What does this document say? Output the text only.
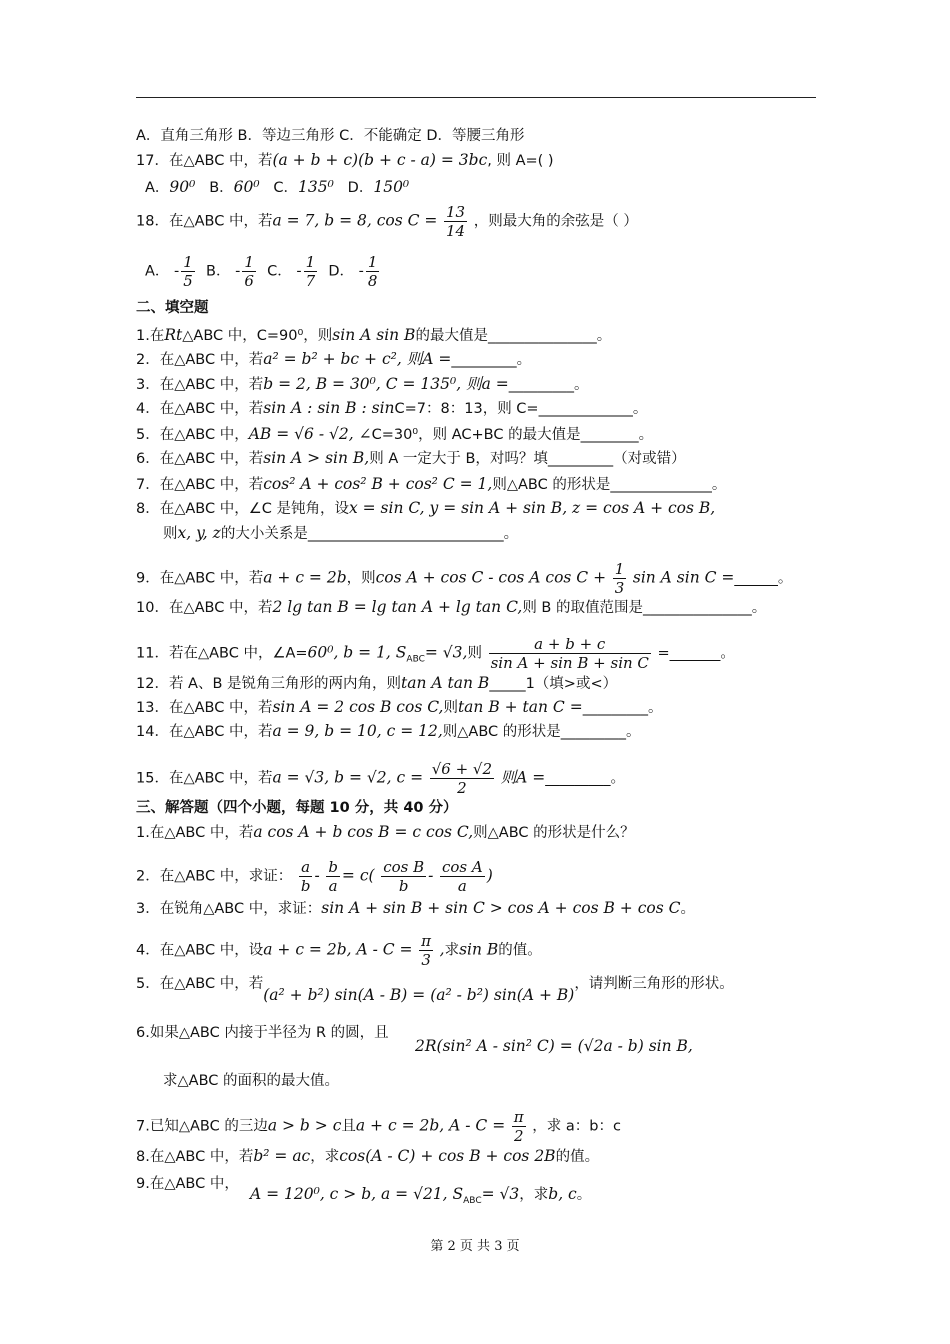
A．直角三角形 B．等边三角形 C．不能确定 D．等腰三角形
17．在△ABC 中，若(a + b + c)(b + c - a) = 3bc, 则 A=( )
A．90⁰ B．60⁰ C．135⁰ D．150⁰
18．在△ABC 中，若a = 7, b = 8, $\cos C = \frac{13}{14}$ ，则最大角的余弦是（ ）
A． - $\frac{1}{5}$ B． - $\frac{1}{6}$ C． - $\frac{1}{7}$ D． - $\frac{1}{8}$
二、填空题
1.在Rt△ABC 中，C=90⁰，则sin A sin B的最大值是_______________。
2．在△ABC 中，若a² = b² + bc + c², 则A =_________。
3．在△ABC 中，若b = 2, B = 30⁰, C = 135⁰, 则a =_________。
4．在△ABC 中，若sin A : sin B : sinC=7：8：13，则 C=_____________。
5．在△ABC 中，AB = √6 - √2, ∠C=30⁰，则 AC+BC 的最大值是________。
6．在△ABC 中，若sin A > sin B,则 A 一定大于 B，对吗？填_________（对或错）
7．在△ABC 中，若cos² A + cos² B + cos² C = 1,则△ABC 的形状是______________。
8．在△ABC 中，∠C 是钝角，设x = sin C, y = sin A + sin B, z = cos A + cos B,
则x, y, z的大小关系是___________________________。
9．在△ABC 中，若a + c = 2b，则cos A + cos C - cos A $\cos C + \frac{1}{3}$ sin A sin C =______。
10．在△ABC 中，若2 lg tan B = lg tan A + lg tan C,则 B 的取值范围是_______________。
11．若在△ABC 中，∠A=60⁰, b = 1, $S_{ABC}= √3$,则 $\frac{a + b + c}{\text{sin A + sin B + sin C}}$ =_______。
12．若 A、B 是锐角三角形的两内角，则tan A tan B_____1（填>或<）
13．在△ABC 中，若sin A = 2 cos B cos C,则tan B + tan C =_________。
14．在△ABC 中，若a = 9, b = 10, c = 12,则△ABC 的形状是_________。
15．在△ABC 中，若a = √3, b = √2, $c = \frac{√6 + √2}{2}$ 则A =_________。
三、解答题（四个小题，每题 10 分，共 40 分）
1.在△ABC 中，若a cos A + b cos B = c cos C,则△ABC 的形状是什么？
2．在△ABC 中，求证： $\frac{a}{b} - \frac{b}{a} = c( \frac{\text{cos B}}{b} - \frac{\text{cos A}}{a}$ )
3．在锐角△ABC 中，求证：sin A + sin B + sin C > cos A + cos B + cos C。
4．在△ABC 中，设a + c = 2b, $A - C = \frac{\pi}{3}$ ,求sin B的值。
5．在△ABC 中，若(a² + b²) sin(A - B) = (a² - b²) sin(A + B)，请判断三角形的形状。
6.如果△ABC 内接于半径为 R 的圆，且
2R(sin² A - sin² C) = (√2a - b) sin B,
求△ABC 的面积的最大值。
7.已知△ABC 的三边a > b > c且a + c = 2b, $A - C = \frac{\pi}{2}$ ，求 a：b：c
8.在△ABC 中，若b² = ac，求cos(A - C) + cos B + cos 2B的值。
9.在△ABC 中，
A = 120⁰, c > b, a = √21, $S_{ABC}= √3$，求b, c。
第 2 页 共 3 页
